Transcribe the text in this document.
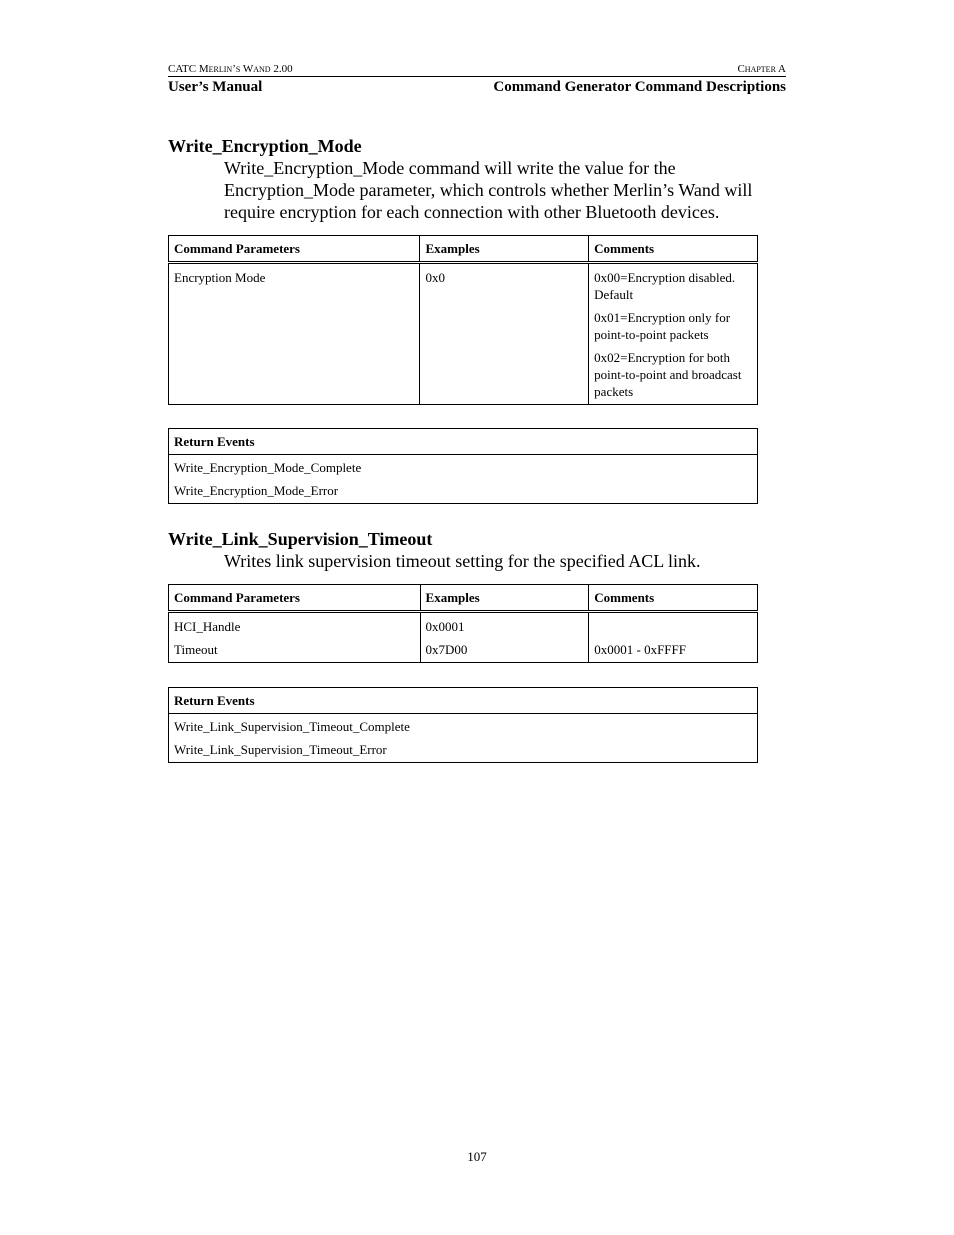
CATC Merlin’s Wand 2.00	Chapter A
User’s Manual	Command Generator Command Descriptions
Write_Encryption_Mode
Write_Encryption_Mode command will write the value for the Encryption_Mode parameter, which controls whether Merlin’s Wand will require encryption for each connection with other Bluetooth devices.
Command Parameters	Examples	Comments
Encryption Mode	0x0	0x00=Encryption disabled. Default

0x01=Encryption only for point-to-point packets

0x02=Encryption for both point-to-point and broadcast packets

Return Events
Write_Encryption_Mode_Complete
Write_Encryption_Mode_Error
Write_Link_Supervision_Timeout
Writes link supervision timeout setting for the specified ACL link.
Command Parameters	Examples	Comments
HCI_Handle	0x0001	
Timeout	0x7D00	0x0001 - 0xFFFF
Return Events
Write_Link_Supervision_Timeout_Complete
Write_Link_Supervision_Timeout_Error
107
